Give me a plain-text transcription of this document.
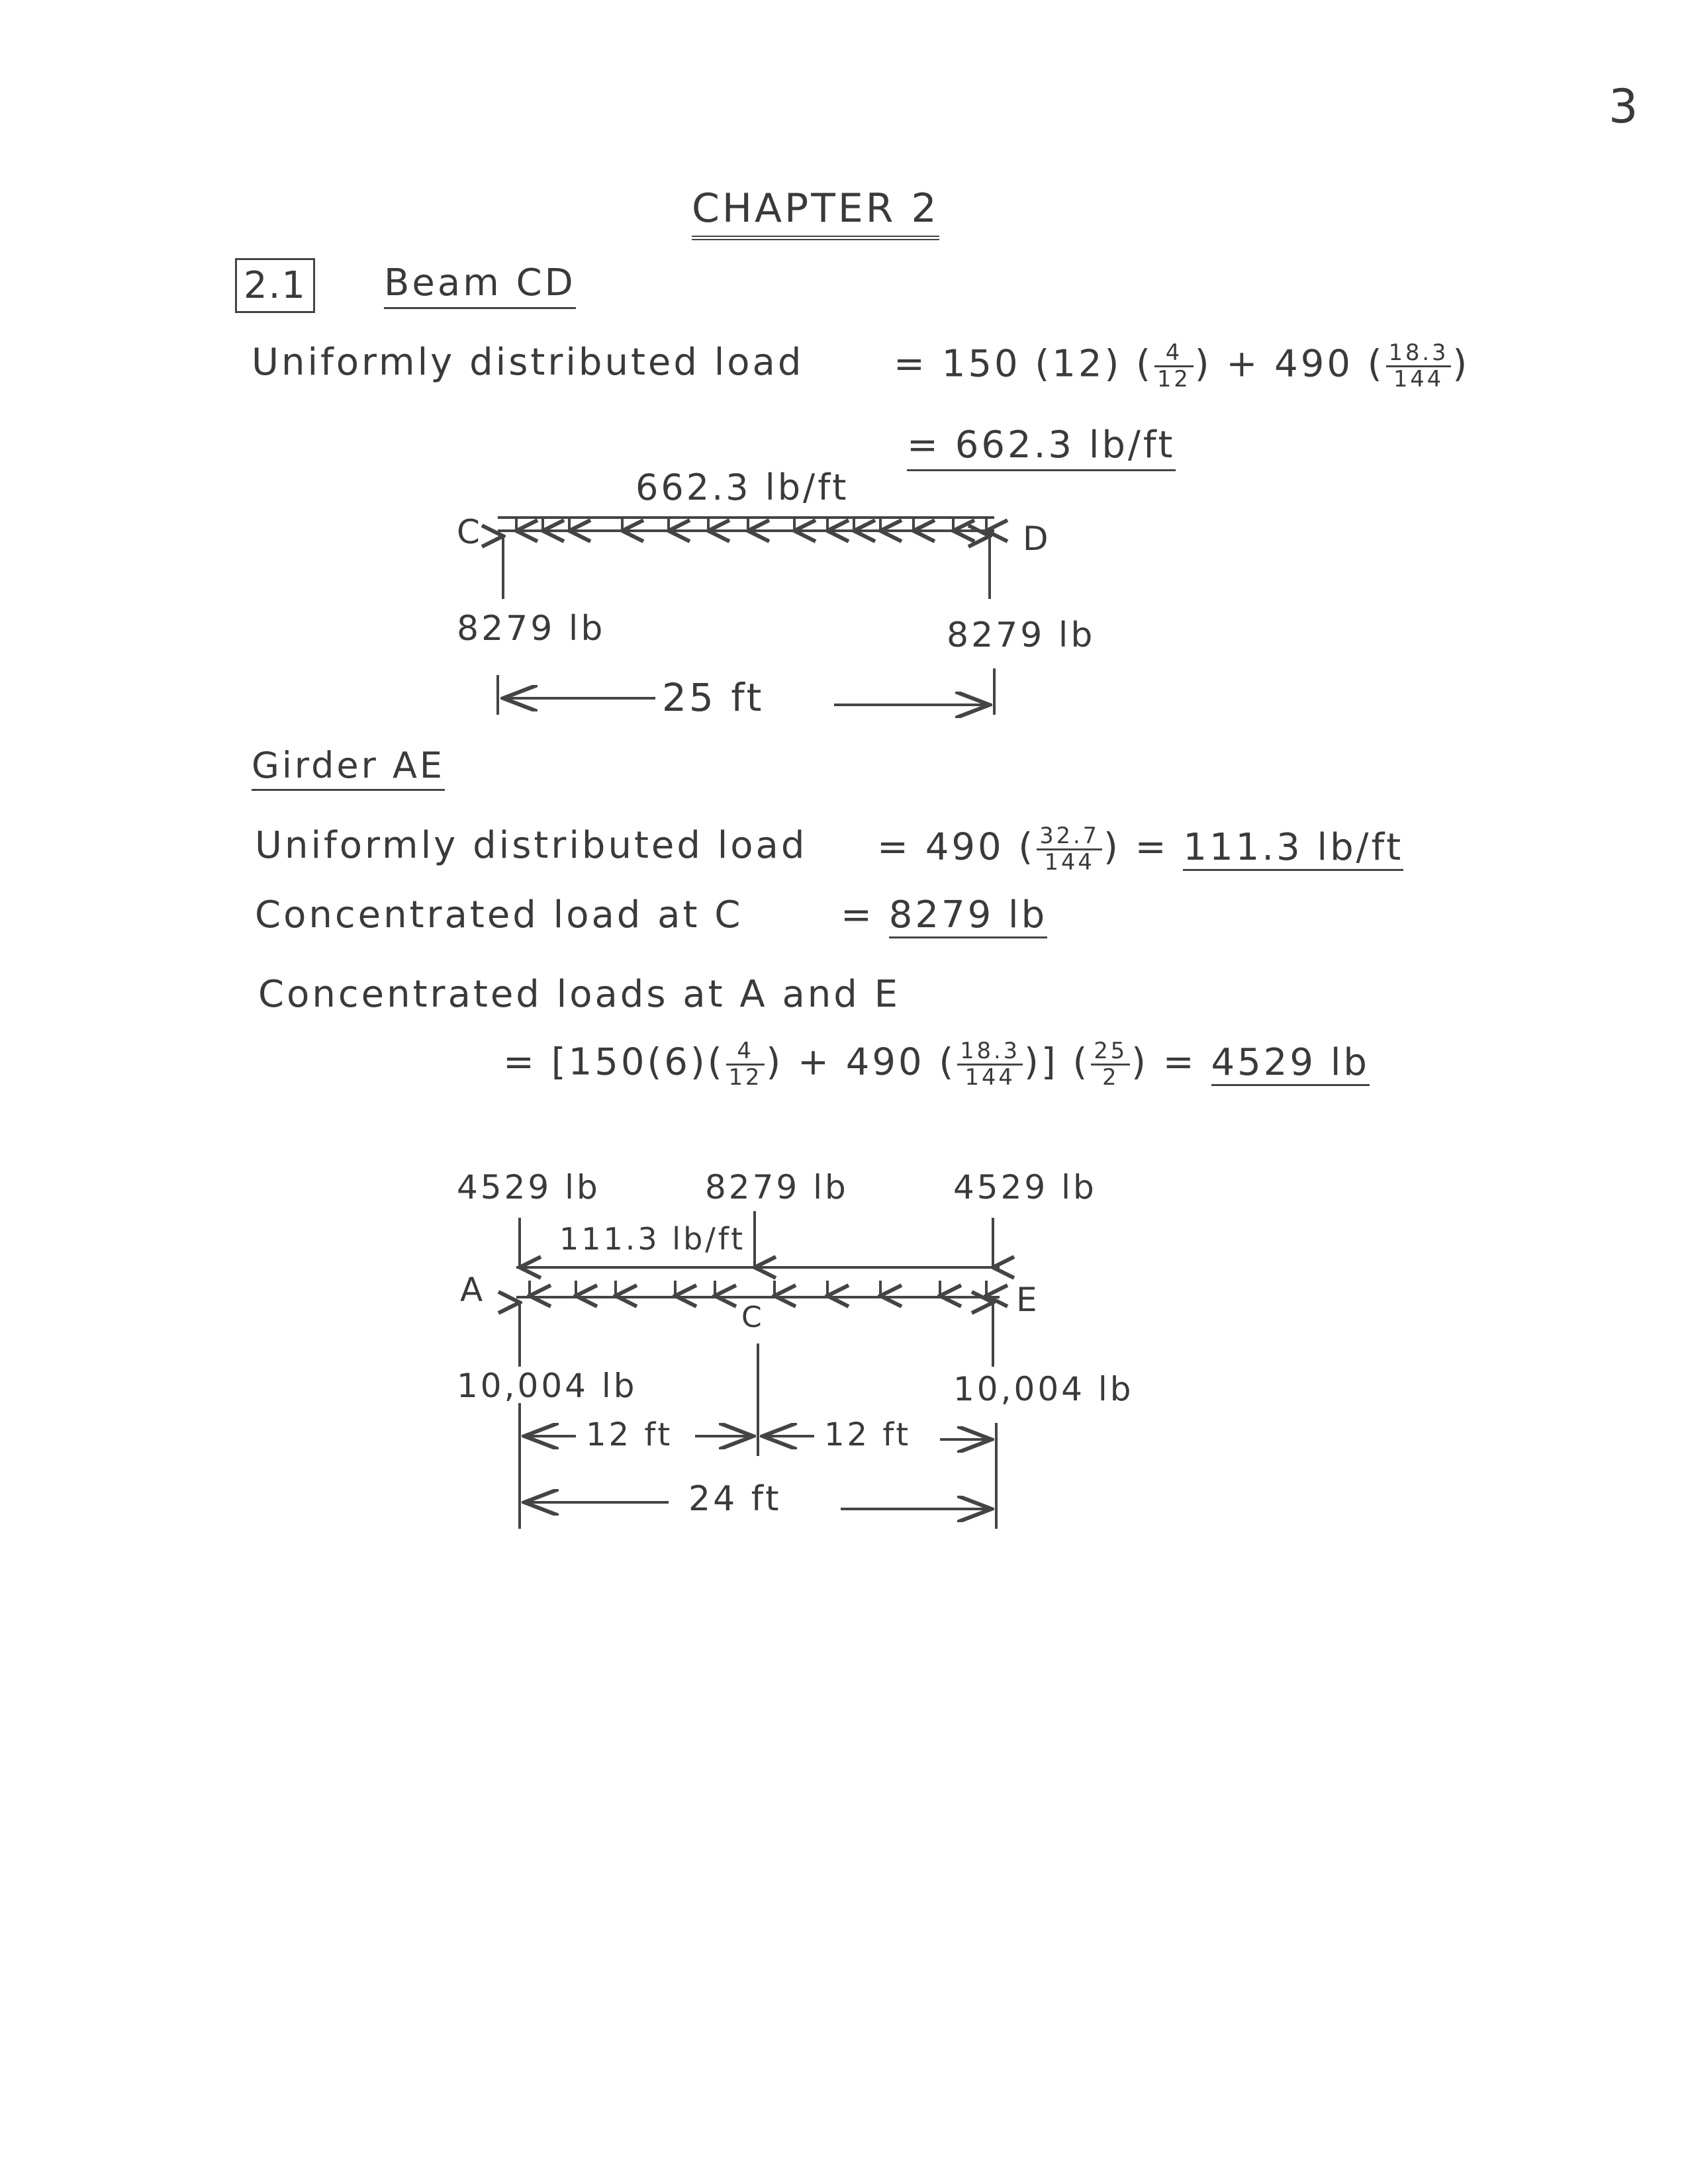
3
CHAPTER 2
2.1 Beam CD
Uniformly distributed load = 150 (12) ( $\frac{4}{12}$ ) + 490 ( $\frac{18.3}{144}$ )
= 662.3 lb/ft
662.3 lb/ft
C	D
8279 lb	8279 lb
25 ft
Girder AE
Uniformly distributed load = 490 ( $\frac{32.7}{144}$ ) = 111.3 lb/ft
Concentrated load at C	= 8279 lb
Concentrated loads at A and E
= [$150(6)( \frac{4}{12}$ ) + 490 ( $\frac{18.3}{144}$ )] ( $\frac{25}{2}$ ) = 4529 lb
4529 lb	8279 lb	4529 lb
111.3 lb/ft
A
C	E
10,004 lb	10,004 lb
12 ft	12 ft
24 ft
